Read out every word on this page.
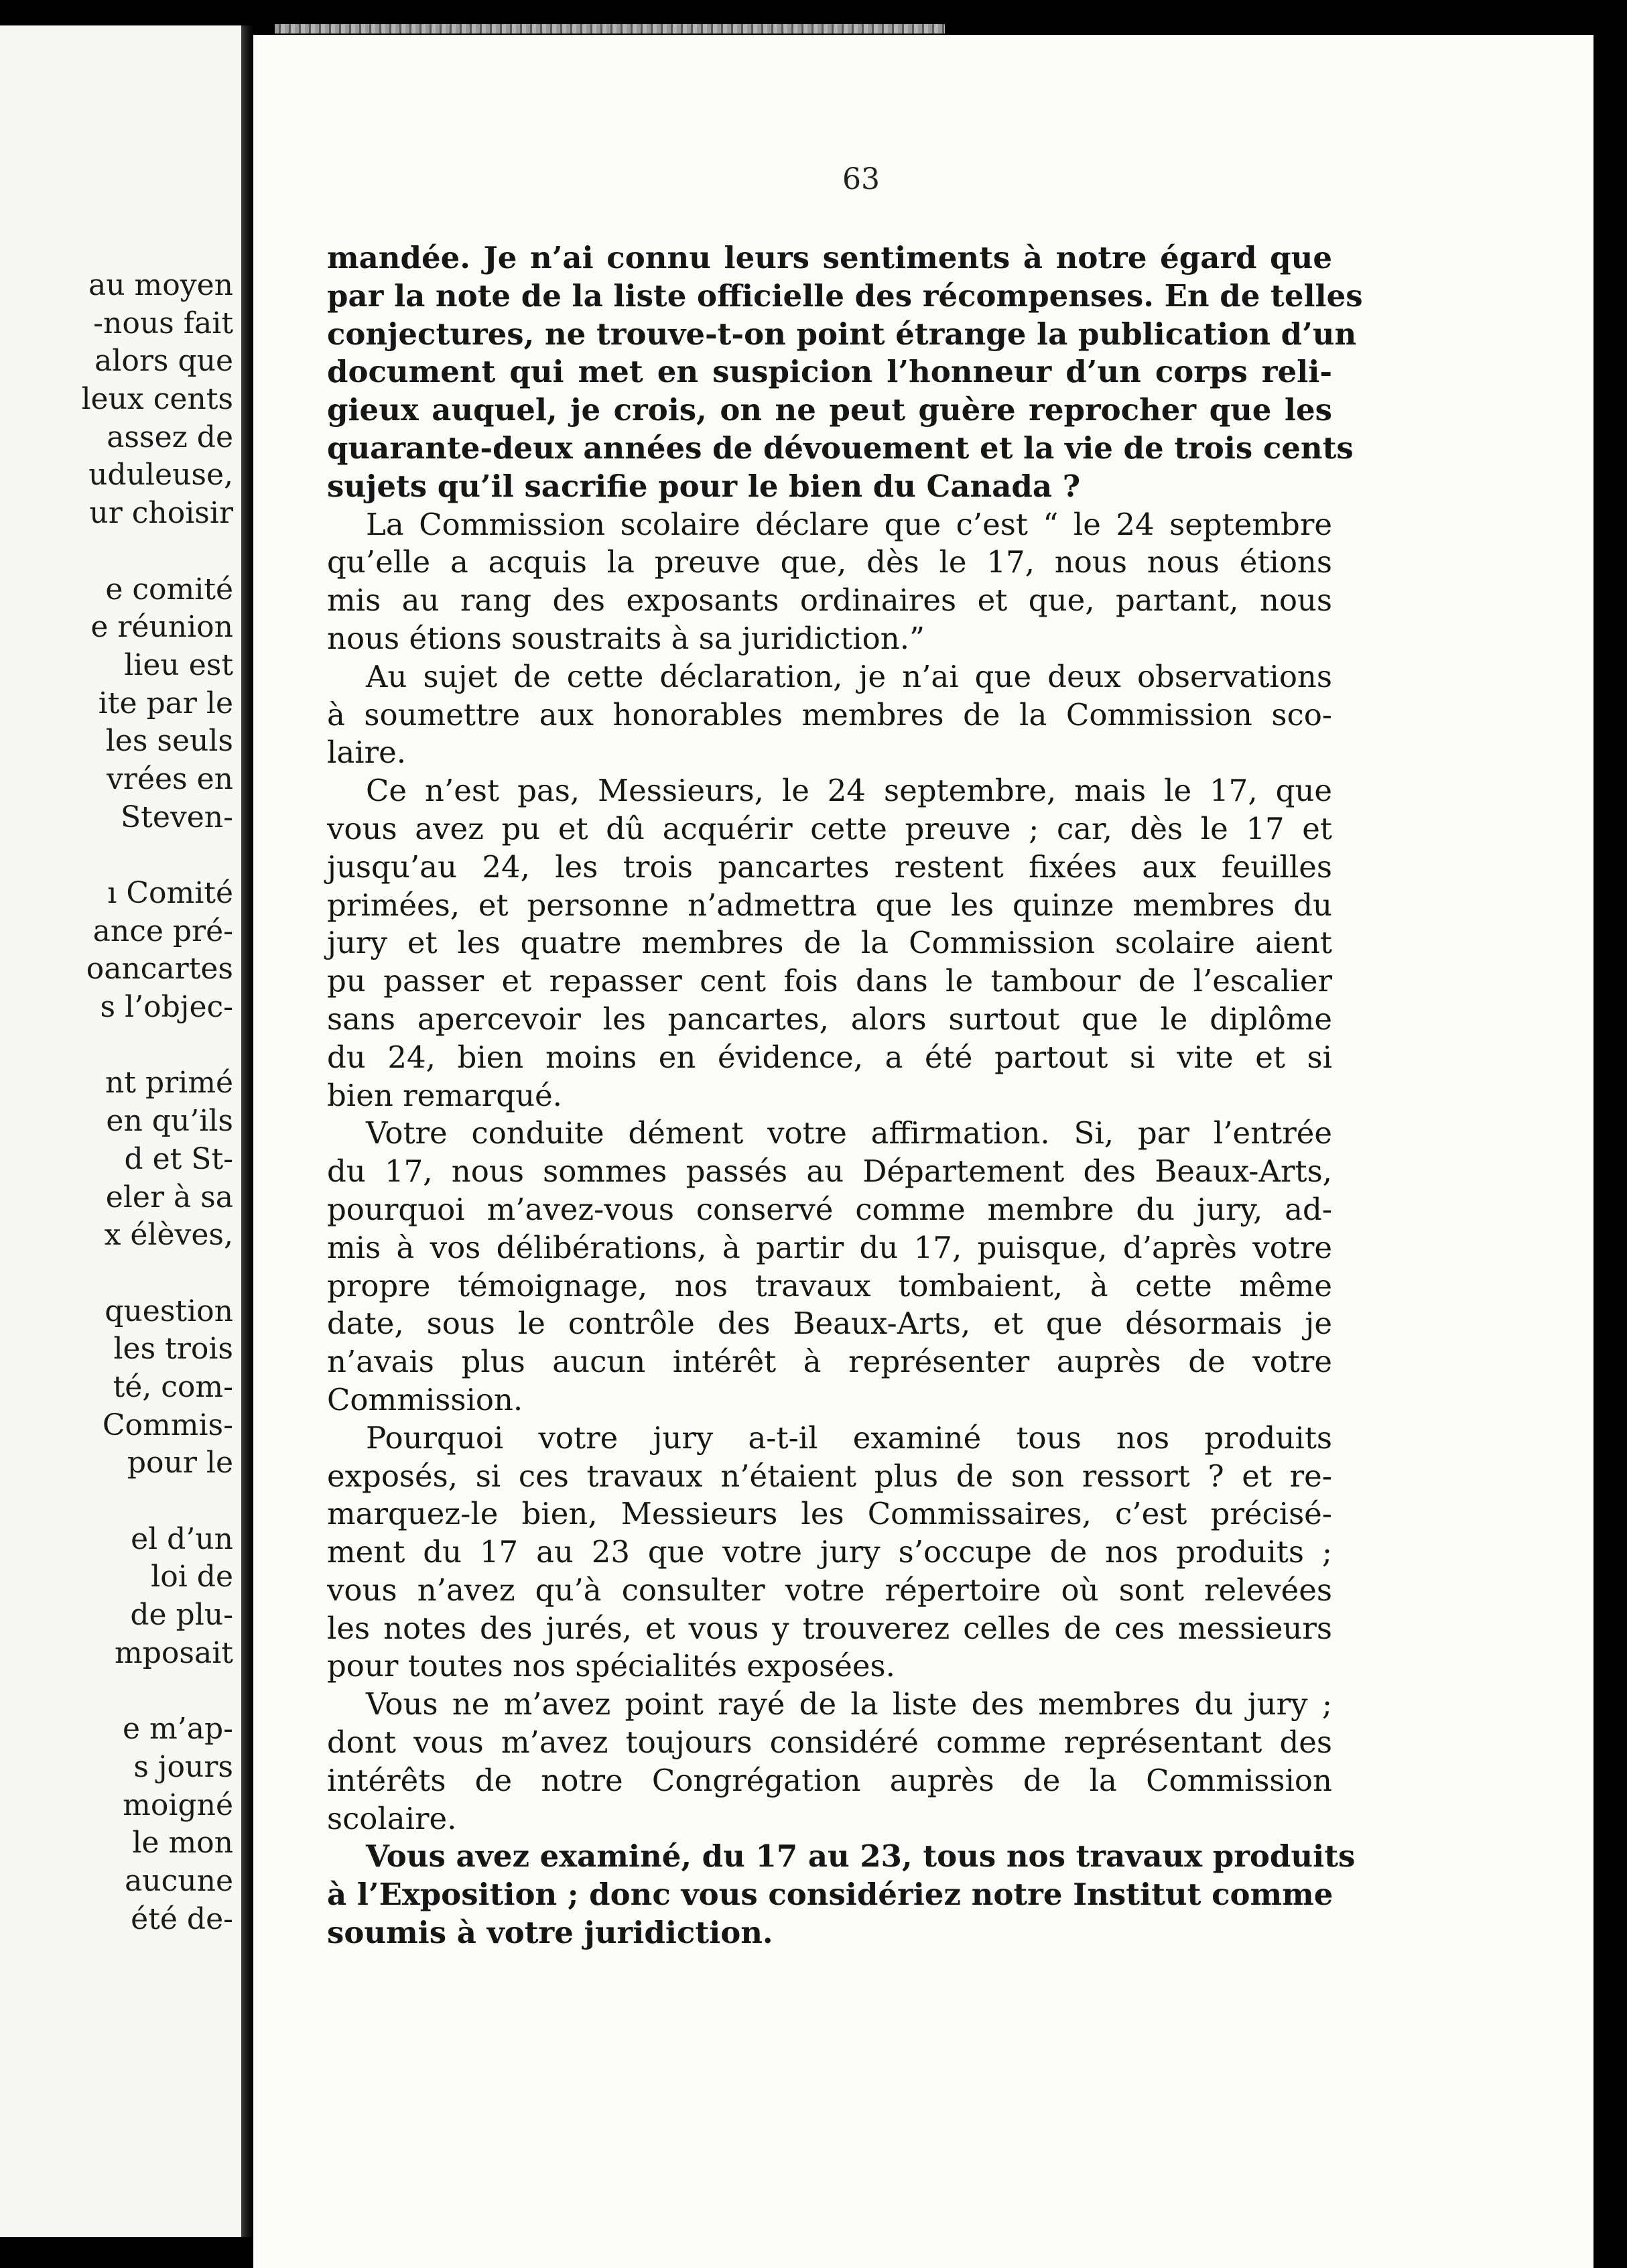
au moyen
-nous fait
alors que
leux cents
assez de
uduleuse,
ur choisir
e comité
e réunion
lieu est
ite par le
les seuls
vrées en
Steven-
ı Comité
ance pré-
oancartes
s l’objec-
nt primé
en qu’ils
d et St-
eler à sa
x élèves,
question
les trois
té, com-
Commis-
pour le
el d’un
loi de
de plu-
mposait
e m’ap-
s jours
moigné
le mon
aucune
été de-
63
mandée. Je n’ai connu leurs sentiments à notre égard que
par la note de la liste officielle des récompenses. En de telles
conjectures, ne trouve-t-on point étrange la publication d’un
document qui met en suspicion l’honneur d’un corps reli-
gieux auquel, je crois, on ne peut guère reprocher que les
quarante-deux années de dévouement et la vie de trois cents
sujets qu’il sacrifie pour le bien du Canada ?
La Commission scolaire déclare que c’est “ le 24 septembre
qu’elle a acquis la preuve que, dès le 17, nous nous étions
mis au rang des exposants ordinaires et que, partant, nous
nous étions soustraits à sa juridiction.”
Au sujet de cette déclaration, je n’ai que deux observations
à soumettre aux honorables membres de la Commission sco-
laire.
Ce n’est pas, Messieurs, le 24 septembre, mais le 17, que
vous avez pu et dû acquérir cette preuve ; car, dès le 17 et
jusqu’au 24, les trois pancartes restent fixées aux feuilles
primées, et personne n’admettra que les quinze membres du
jury et les quatre membres de la Commission scolaire aient
pu passer et repasser cent fois dans le tambour de l’escalier
sans apercevoir les pancartes, alors surtout que le diplôme
du 24, bien moins en évidence, a été partout si vite et si
bien remarqué.
Votre conduite dément votre affirmation. Si, par l’entrée
du 17, nous sommes passés au Département des Beaux-Arts,
pourquoi m’avez-vous conservé comme membre du jury, ad-
mis à vos délibérations, à partir du 17, puisque, d’après votre
propre témoignage, nos travaux tombaient, à cette même
date, sous le contrôle des Beaux-Arts, et que désormais je
n’avais plus aucun intérêt à représenter auprès de votre
Commission.
Pourquoi votre jury a-t-il examiné tous nos produits
exposés, si ces travaux n’étaient plus de son ressort ? et re-
marquez-le bien, Messieurs les Commissaires, c’est précisé-
ment du 17 au 23 que votre jury s’occupe de nos produits ;
vous n’avez qu’à consulter votre répertoire où sont relevées
les notes des jurés, et vous y trouverez celles de ces messieurs
pour toutes nos spécialités exposées.
Vous ne m’avez point rayé de la liste des membres du jury ;
dont vous m’avez toujours considéré comme représentant des
intérêts de notre Congrégation auprès de la Commission
scolaire.
Vous avez examiné, du 17 au 23, tous nos travaux produits
à l’Exposition ; donc vous considériez notre Institut comme
soumis à votre juridiction.
